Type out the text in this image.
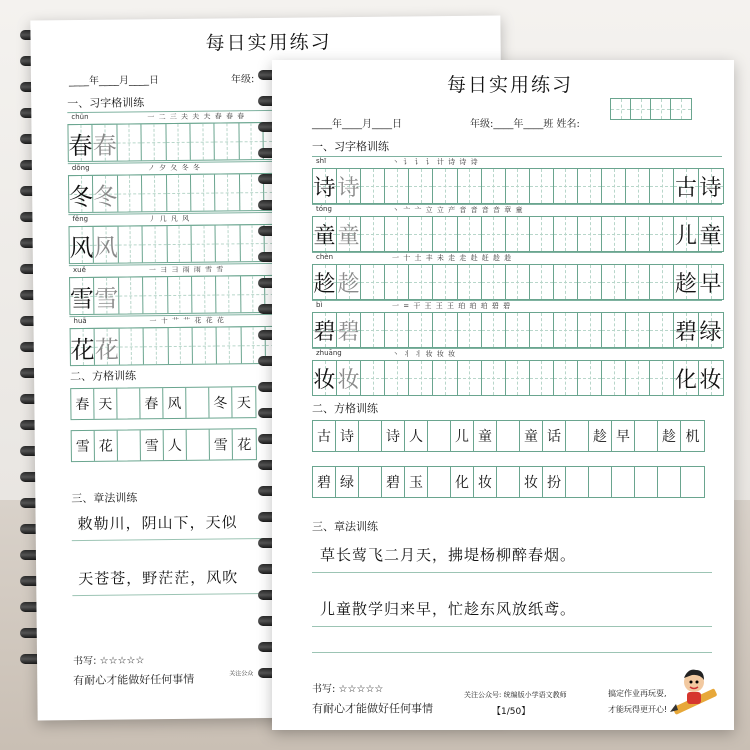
每日实用练习
____年____月____日	年级:
一、习字格训练
chūn	一 二 三 夫 夫 夫 春 春 春
春 春
dōng	ノ 夕 夂 冬 冬
冬 冬
fēng	丿 几 凡 风
风 风
xuě	一 ⺕ ⺕ 雨 雨 雪 雪
雪 雪
huā	一 十 艹 ⺾ 花 花 花
花 花
二、方格训练
春 天	春 风	冬 天
雪 花	雪 人	雪 花
三、章法训练
敕勒川，阴山下，天似
天苍苍，野茫茫，风吹
书写: ☆☆☆☆☆
有耐心才能做好任何事情	关注公众
每日实用练习
____年____月____日	年级:____年____班 姓名:
一、习字格训练
shī	丶 讠 讠 讠 计 诗 诗 诗
诗 诗	古 诗
tóng	丶 亠 亠 立 立 产 音 音 音 音 章 童
童 童	儿 童
chèn	一 十 土 丰 未 走 走 赴 赶 趁 趁
趁 趁	趁 早
bì	一 = 干 王 王 王 珀 珀 珀 碧 碧
碧 碧	碧 绿
zhuāng	丶 丬 丬 妆 妆 妆
妆 妆	化 妆
二、方格训练
古 诗	诗 人	儿 童	童 话	趁 早	趁 机
碧 绿	碧 玉	化 妆	妆 扮
三、章法训练
草长莺飞二月天，拂堤杨柳醉春烟。
儿童散学归来早，忙趁东风放纸鸢。
书写: ☆☆☆☆☆
有耐心才能做好任何事情
关注公众号: 统编版小学语文教师
【1/50】
搞定作业再玩耍,
才能玩得更开心!
